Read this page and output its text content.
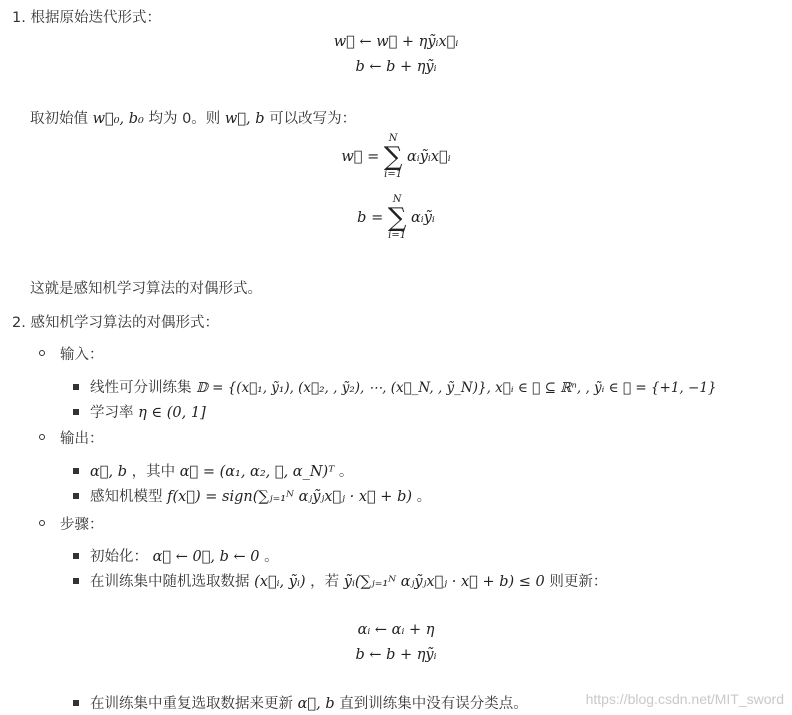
1. 根据原始迭代形式：
w⃗ ← w⃗ + ηỹᵢx⃗ᵢ
b ← b + ηỹᵢ
取初始值 w⃗₀, b₀ 均为 0。则 w⃗, b 可以改写为：
w⃗ =
N
∑
i=1
αᵢỹᵢx⃗ᵢ
b =
N
∑
i=1
αᵢỹᵢ
这就是感知机学习算法的对偶形式。
2. 感知机学习算法的对偶形式：
输入：
线性可分训练集 𝔻 = {(x⃗₁, ỹ₁), (x⃗₂, , ỹ₂), ⋯, (x⃗_N, , ỹ_N)}, x⃗ᵢ ∈ 𝒳 ⊆ ℝⁿ, , ỹᵢ ∈ 𝒴 = {+1, −1}
学习率 η ∈ (0, 1]
输出：
α⃗, b ，其中 α⃗ = (α₁, α₂, ⋯, α_N)ᵀ 。
感知机模型 f(x⃗) = sign(∑ⱼ₌₁ᴺ αⱼỹⱼx⃗ⱼ · x⃗ + b) 。
步骤：
初始化： α⃗ ← 0⃗, b ← 0 。
在训练集中随机选取数据 (x⃗ᵢ, ỹᵢ) ，若 ỹᵢ(∑ⱼ₌₁ᴺ αⱼỹⱼx⃗ⱼ · x⃗ + b) ≤ 0 则更新：
αᵢ ← αᵢ + η
b ← b + ηỹᵢ
在训练集中重复选取数据来更新 α⃗, b 直到训练集中没有误分类点。	https://blog.csdn.net/MIT_sword
